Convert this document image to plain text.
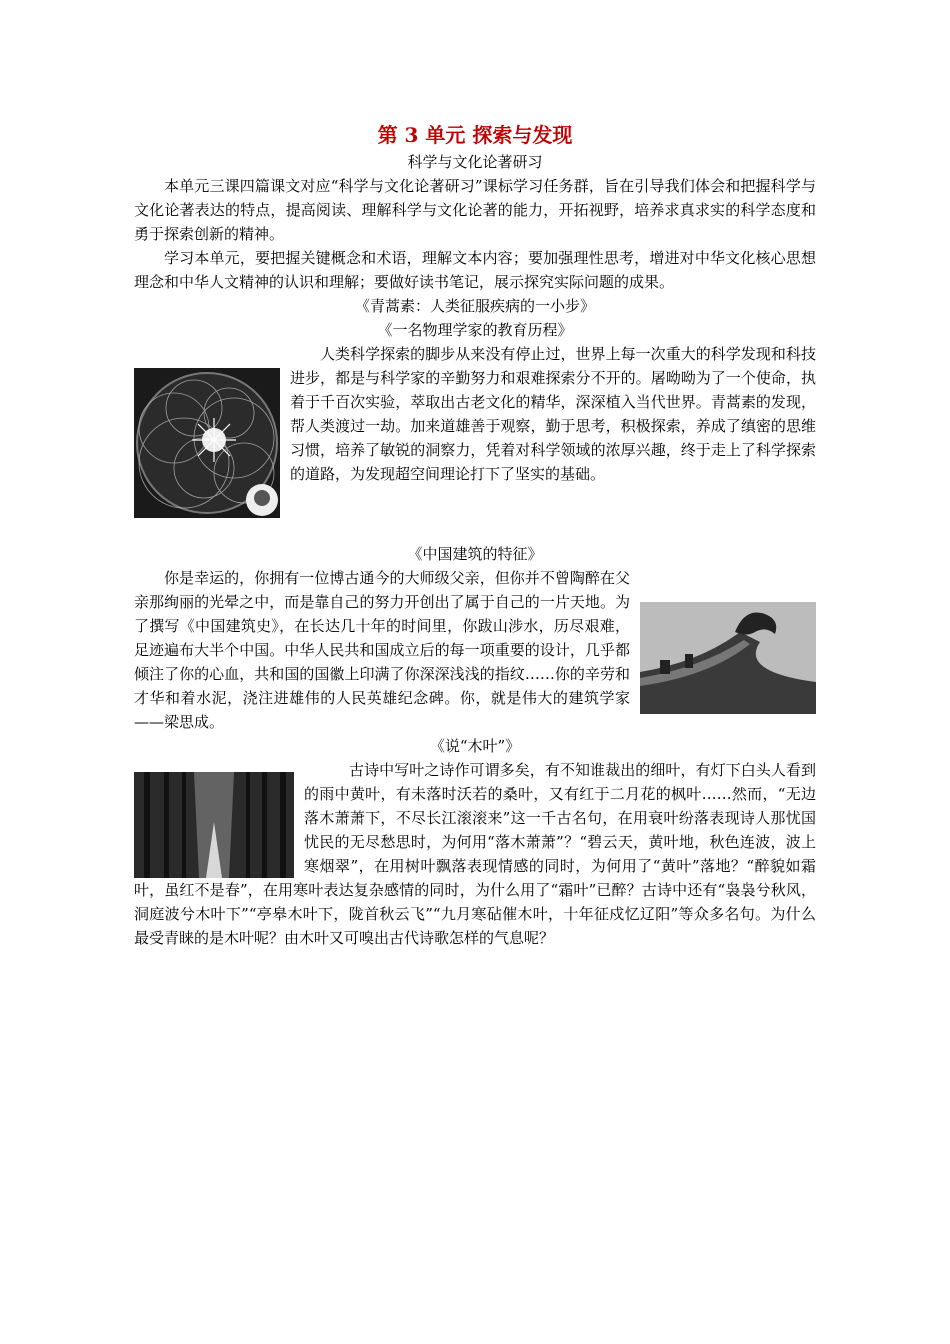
第 3 单元 探索与发现

科学与文化论著研习

本单元三课四篇课文对应“科学与文化论著研习”课标学习任务群，旨在引导我们体会和把握科学与文化论著表达的特点，提高阅读、理解科学与文化论著的能力，开拓视野，培养求真求实的科学态度和勇于探索创新的精神。

学习本单元，要把握关键概念和术语，理解文本内容；要加强理性思考，增进对中华文化核心思想理念和中华人文精神的认识和理解；要做好读书笔记，展示探究实际问题的成果。

《青蒿素：人类征服疾病的一小步》

《一名物理学家的教育历程》

人类科学探索的脚步从来没有停止过，世界上每一次重大的科学发现和科技进步，都是与科学家的辛勤努力和艰难探索分不开的。屠呦呦为了一个使命，执着于千百次实验，萃取出古老文化的精华，深深植入当代世界。青蒿素的发现，帮人类渡过一劫。加来道雄善于观察，勤于思考，积极探索，养成了缜密的思维习惯，培养了敏锐的洞察力，凭着对科学领域的浓厚兴趣，终于走上了科学探索的道路，为发现超空间理论打下了坚实的基础。

《中国建筑的特征》

你是幸运的，你拥有一位博古通今的大师级父亲，但你并不曾陶醉在父亲那绚丽的光晕之中，而是靠自己的努力开创出了属于自己的一片天地。为了撰写《中国建筑史》，在长达几十年的时间里，你跋山涉水，历尽艰难，足迹遍布大半个中国。中华人民共和国成立后的每一项重要的设计，几乎都倾注了你的心血，共和国的国徽上印满了你深深浅浅的指纹……你的辛劳和才华和着水泥，浇注进雄伟的人民英雄纪念碑。你，就是伟大的建筑学家——梁思成。

《说“木叶”》

古诗中写叶之诗作可谓多矣，有不知谁裁出的细叶，有灯下白头人看到的雨中黄叶，有未落时沃若的桑叶，又有红于二月花的枫叶……然而，“无边落木萧萧下，不尽长江滚滚来”这一千古名句，在用衰叶纷落表现诗人那忧国忧民的无尽愁思时，为何用“落木萧萧”？“碧云天，黄叶地，秋色连波，波上寒烟翠”，在用树叶飘落表现情感的同时，为何用了“黄叶”落地？“醉貌如霜叶，虽红不是春”，在用寒叶表达复杂感情的同时，为什么用了“霜叶”已醉？古诗中还有“袅袅兮秋风，洞庭波兮木叶下”“亭皋木叶下，陇首秋云飞”“九月寒砧催木叶，十年征戍忆辽阳”等众多名句。为什么最受青睐的是木叶呢？由木叶又可嗅出古代诗歌怎样的气息呢？
